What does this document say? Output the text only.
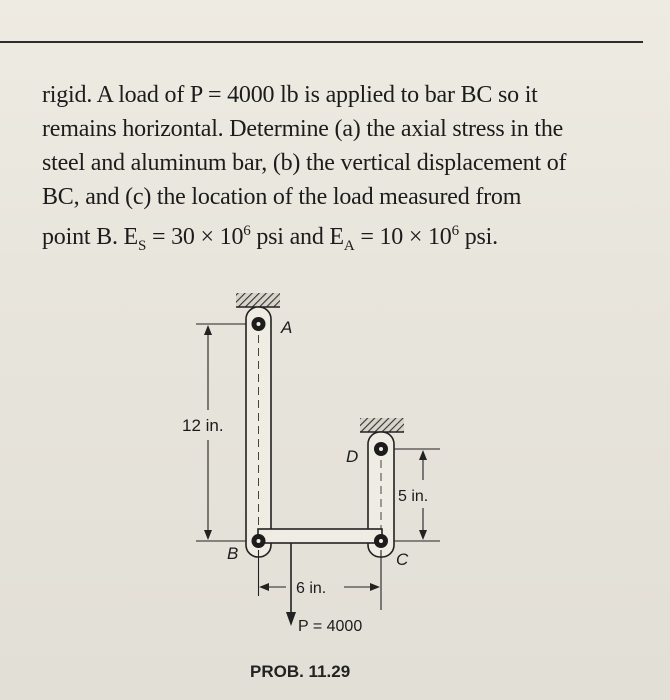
rigid. A load of P = 4000 lb is applied to bar BC so it
remains horizontal. Determine (a) the axial stress in the
steel and aluminum bar, (b) the vertical displacement of
BC, and (c) the location of the load measured from
point B. $E_S = 30 \times 10^6$ psi and $E_A = 10 \times 10^6$ psi.
A
B	C
D
12 in.
5 in.
P = 4000
6 in.
PROB. 11.29
